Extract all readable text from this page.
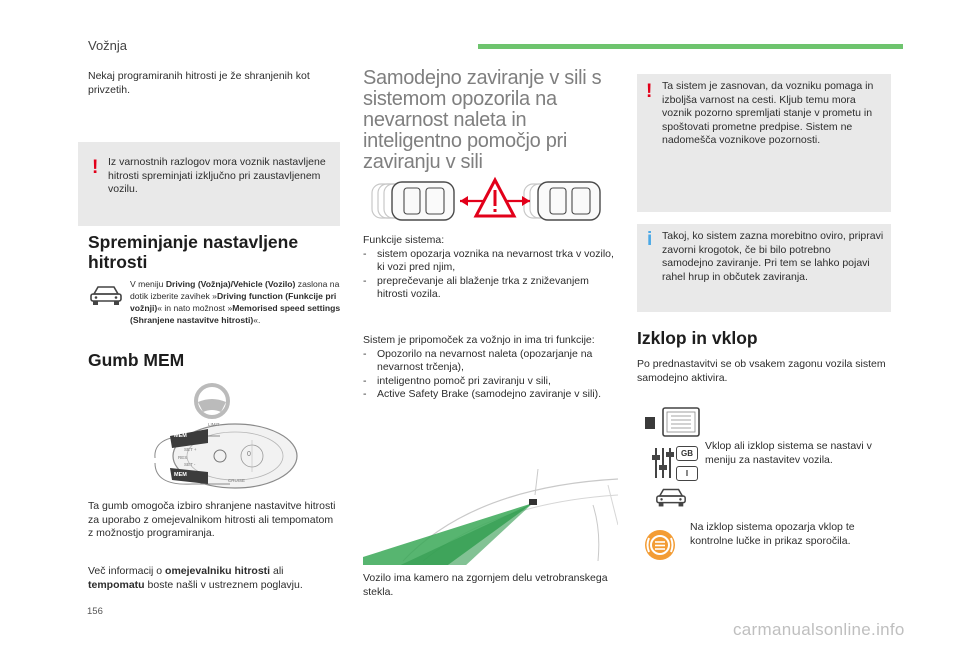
Vožnja
Nekaj programiranih hitrosti je že shranjenih kot privzetih.
! Iz varnostnih razlogov mora voznik nastavljene hitrosti spreminjati izključno pri zaustavljenem vozilu.
Spreminjanje nastavljene hitrosti
V meniju Driving (Vožnja)/Vehicle (Vozilo) zaslona na dotik izberite zavihek »Driving function (Funkcije pri vožnji)« in nato možnost »Memorised speed settings (Shranjene nastavitve hitrosti)«.
Gumb MEM
MEM
MEM
LIMIT
SET +
SET -
RES	0
CRUISE
Ta gumb omogoča izbiro shranjene nastavitve hitrosti za uporabo z omejevalnikom hitrosti ali tempomatom z možnostjo programiranja.
Več informacij o omejevalniku hitrosti ali tempomatu boste našli v ustreznem poglavju.
Samodejno zaviranje v sili s sistemom opozorila na nevarnost naleta in inteligentno pomočjo pri zaviranju v sili
Funkcije sistema:
- sistem opozarja voznika na nevarnost trka v vozilo, ki vozi pred njim,
- preprečevanje ali blaženje trka z zniževanjem hitrosti vozila.
Sistem je pripomoček za vožnjo in ima tri funkcije:
- Opozorilo na nevarnost naleta (opozarjanje na nevarnost trčenja),
- inteligentno pomoč pri zaviranju v sili,
- Active Safety Brake (samodejno zaviranje v sili).
Vozilo ima kamero na zgornjem delu vetrobranskega stekla.
! Ta sistem je zasnovan, da vozniku pomaga in izboljša varnost na cesti. Kljub temu mora voznik pozorno spremljati stanje v prometu in spoštovati prometne predpise. Sistem ne nadomešča voznikove pozornosti.
i Takoj, ko sistem zazna morebitno oviro, pripravi zavorni krogotok, če bi bilo potrebno samodejno zaviranje. Pri tem se lahko pojavi rahel hrup in občutek zaviranja.
Izklop in vklop
Po prednastavitvi se ob vsakem zagonu vozila sistem samodejno aktivira.
GB
I
Vklop ali izklop sistema se nastavi v meniju za nastavitev vozila.
Na izklop sistema opozarja vklop te kontrolne lučke in prikaz sporočila.
156
carmanualsonline.info
